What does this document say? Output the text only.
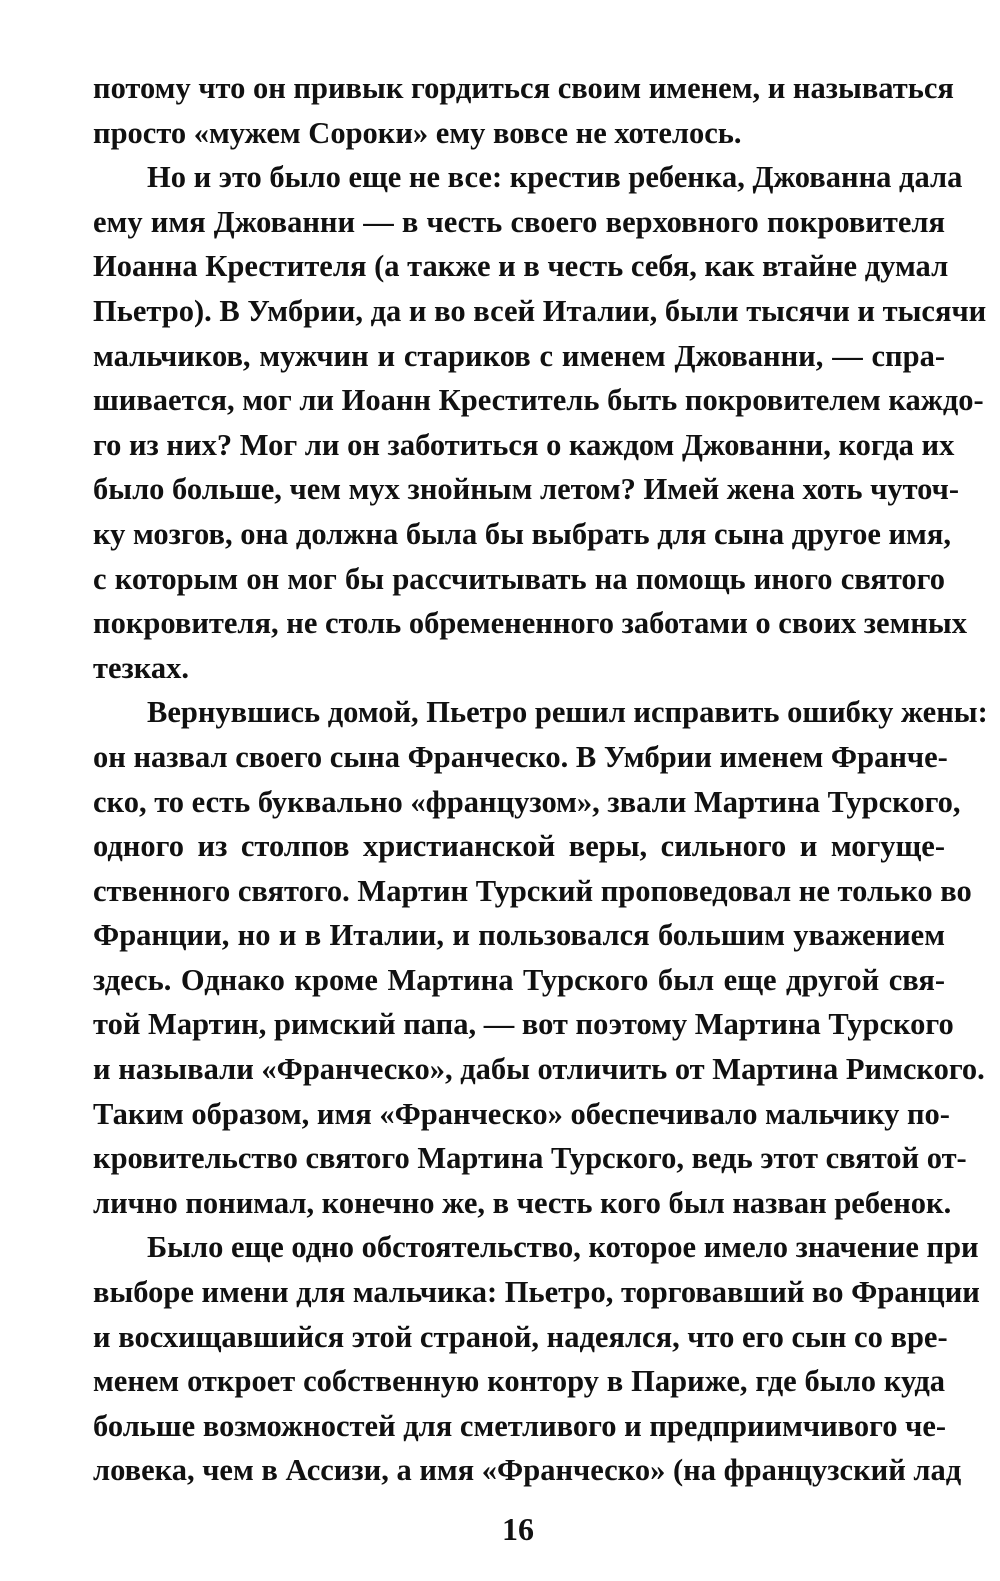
потому что он привык гордиться своим именем, и называться
просто «мужем Сороки» ему вовсе не хотелось.
Но и это было еще не все: крестив ребенка, Джованна дала
ему имя Джованни — в честь своего верховного покровителя
Иоанна Крестителя (а также и в честь себя, как втайне думал
Пьетро). В Умбрии, да и во всей Италии, были тысячи и тысячи
мальчиков, мужчин и стариков с именем Джованни, — спра-
шивается, мог ли Иоанн Креститель быть покровителем каждо-
го из них? Мог ли он заботиться о каждом Джованни, когда их
было больше, чем мух знойным летом? Имей жена хоть чуточ-
ку мозгов, она должна была бы выбрать для сына другое имя,
с которым он мог бы рассчитывать на помощь иного святого
покровителя, не столь обремененного заботами о своих земных
тезках.
Вернувшись домой, Пьетро решил исправить ошибку жены:
он назвал своего сына Франческо. В Умбрии именем Франче-
ско, то есть буквально «французом», звали Мартина Турского,
одного из столпов христианской веры, сильного и могуще-
ственного святого. Мартин Турский проповедовал не только во
Франции, но и в Италии, и пользовался большим уважением
здесь. Однако кроме Мартина Турского был еще другой свя-
той Мартин, римский папа, — вот поэтому Мартина Турского
и называли «Франческо», дабы отличить от Мартина Римского.
Таким образом, имя «Франческо» обеспечивало мальчику по-
кровительство святого Мартина Турского, ведь этот святой от-
лично понимал, конечно же, в честь кого был назван ребенок.
Было еще одно обстоятельство, которое имело значение при
выборе имени для мальчика: Пьетро, торговавший во Франции
и восхищавшийся этой страной, надеялся, что его сын со вре-
менем откроет собственную контору в Париже, где было куда
больше возможностей для сметливого и предприимчивого че-
ловека, чем в Ассизи, а имя «Франческо» (на французский лад
16
